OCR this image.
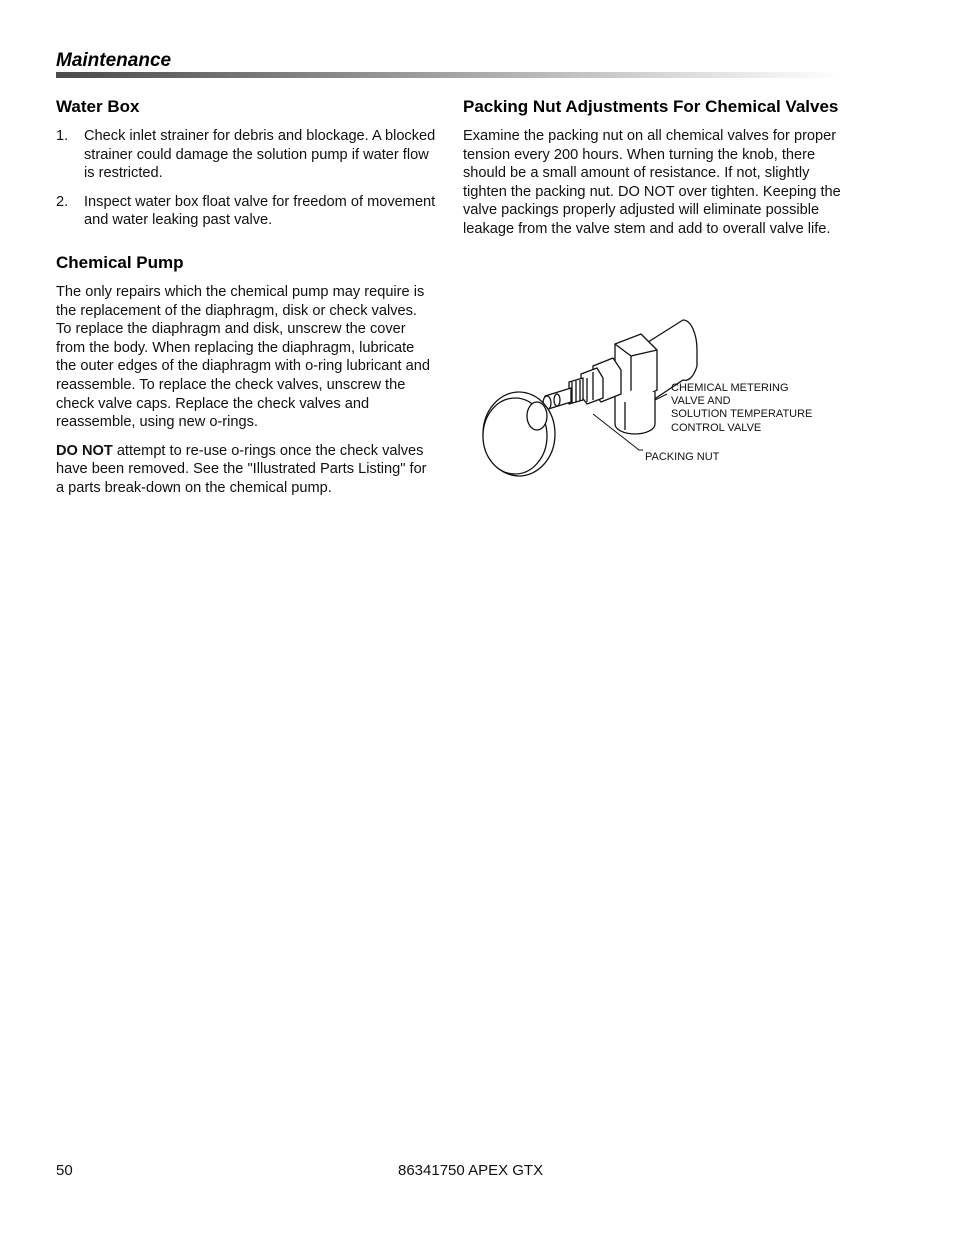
Maintenance
Water Box
1. Check inlet strainer for debris and blockage. A blocked strainer could damage the solution pump if water flow is restricted.
2. Inspect water box float valve for freedom of movement and water leaking past valve.
Chemical Pump

The only repairs which the chemical pump may require is the replacement of the diaphragm, disk or check valves. To replace the diaphragm and disk, unscrew the cover from the body. When replacing the diaphragm, lubricate the outer edges of the diaphragm with o-ring lubricant and reassemble. To replace the check valves, unscrew the check valve caps. Replace the check valves and reassemble, using new o-rings.

DO NOT attempt to re-use o-rings once the check valves have been removed. See the "Illustrated Parts Listing" for a parts break-down on the chemical pump.

Packing Nut Adjustments For Chemical Valves

Examine the packing nut on all chemical valves for proper tension every 200 hours. When turning the knob, there should be a small amount of resistance. If not, slightly tighten the packing nut. DO NOT over tighten. Keeping the valve packings properly adjusted will eliminate possible leakage from the valve stem and add to overall valve life.

CHEMICAL METERING
VALVE AND
SOLUTION TEMPERATURE
CONTROL VALVE
PACKING NUT
50	86341750 APEX GTX
